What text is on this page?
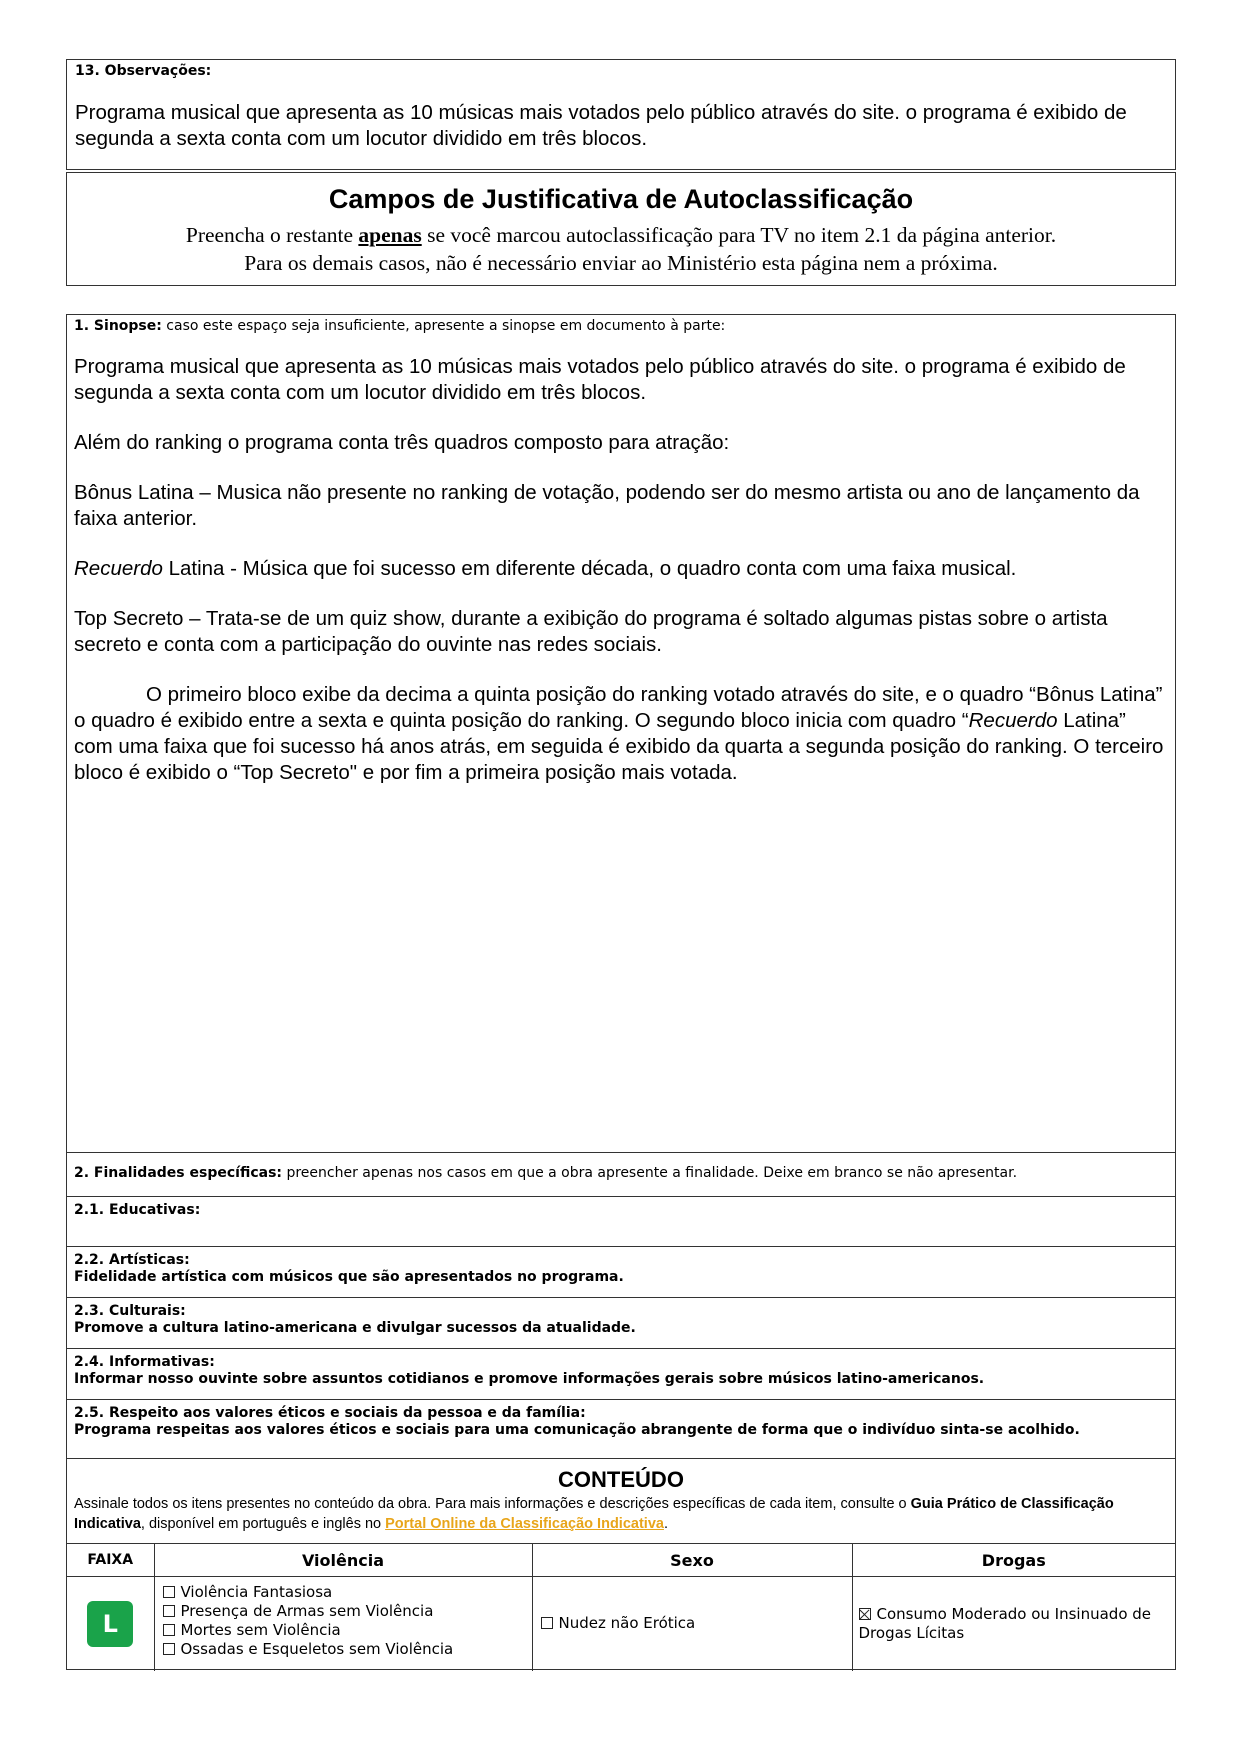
13. Observações:

Programa musical que apresenta as 10 músicas mais votados pelo público através do site. o programa é exibido de segunda a sexta conta com um locutor dividido em três blocos.

Campos de Justificativa de Autoclassificação
Preencha o restante apenas se você marcou autoclassificação para TV no item 2.1 da página anterior.
Para os demais casos, não é necessário enviar ao Ministério esta página nem a próxima.
1. Sinopse: caso este espaço seja insuficiente, apresente a sinopse em documento à parte:

Programa musical que apresenta as 10 músicas mais votados pelo público através do site. o programa é exibido de segunda a sexta conta com um locutor dividido em três blocos.

Além do ranking o programa conta três quadros composto para atração:

Bônus Latina – Musica não presente no ranking de votação, podendo ser do mesmo artista ou ano de lançamento da faixa anterior.

Recuerdo Latina - Música que foi sucesso em diferente década, o quadro conta com uma faixa musical.

Top Secreto – Trata-se de um quiz show, durante a exibição do programa é soltado algumas pistas sobre o artista secreto e conta com a participação do ouvinte nas redes sociais.

O primeiro bloco exibe da decima a quinta posição do ranking votado através do site, e o quadro “Bônus Latina” o quadro é exibido entre a sexta e quinta posição do ranking. O segundo bloco inicia com quadro “Recuerdo Latina” com uma faixa que foi sucesso há anos atrás, em seguida é exibido da quarta a segunda posição do ranking. O terceiro bloco é exibido o “Top Secreto" e por fim a primeira posição mais votada.

2. Finalidades específicas: preencher apenas nos casos em que a obra apresente a finalidade. Deixe em branco se não apresentar.
2.1. Educativas:
2.2. Artísticas:
Fidelidade artística com músicos que são apresentados no programa.
2.3. Culturais:
Promove a cultura latino-americana e divulgar sucessos da atualidade.
2.4. Informativas:
Informar nosso ouvinte sobre assuntos cotidianos e promove informações gerais sobre músicos latino-americanos.
2.5. Respeito aos valores éticos e sociais da pessoa e da família:
Programa respeitas aos valores éticos e sociais para uma comunicação abrangente de forma que o indivíduo sinta-se acolhido.
CONTEÚDO
Assinale todos os itens presentes no conteúdo da obra. Para mais informações e descrições específicas de cada item, consulte o Guia Prático de Classificação Indicativa, disponível em português e inglês no Portal Online da Classificação Indicativa.
FAIXA	Violência	Sexo	Drogas
L	Violência Fantasiosa
Presença de Armas sem Violência
Mortes sem Violência
Ossadas e Esqueletos sem Violência	Nudez não Erótica	Consumo Moderado ou Insinuado de Drogas Lícitas
